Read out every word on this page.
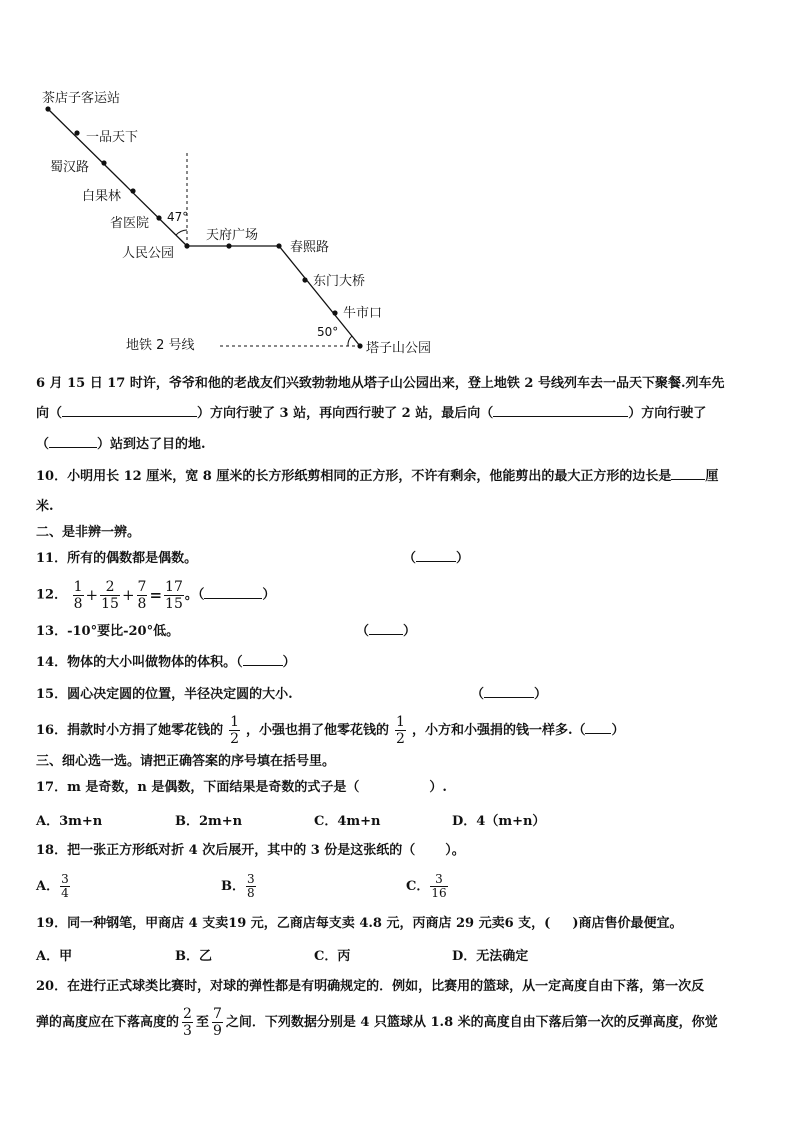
茶店子客运站
一品天下
蜀汉路
白果林
省医院 47°
人民公园
天府广场
春熙路
东门大桥
牛市口
50°
地铁 2 号线	塔子山公园
6 月 15 日 17 时许，爷爷和他的老战友们兴致勃勃地从塔子山公园出来，登上地铁 2 号线列车去一品天下聚餐.列车先
向（	）方向行驶了 3 站，再向西行驶了 2 站，最后向（	）方向行驶了
（	）站到达了目的地.
10．小明用长 12 厘米，宽 8 厘米的长方形纸剪相同的正方形，不许有剩余，他能剪出的最大正方形的边长是	厘
米.
二、是非辨一辨。
11．所有的偶数都是偶数。	（	）
12． $\frac{1}{8} + \frac{2}{15} + \frac{7}{8} = \frac{17}{15}$ 。（	）
13．-10°要比-20°低。	（	）
14．物体的大小叫做物体的体积。（	）
15．圆心决定圆的位置，半径决定圆的大小.	（	）
16．捐款时小方捐了她零花钱的 $\frac{1}{2}$ ，小强也捐了他零花钱的 $\frac{1}{2}$ ，小方和小强捐的钱一样多.（ ）
三、细心选一选。请把正确答案的序号填在括号里。
17．m 是奇数，n 是偶数，下面结果是奇数的式子是（	）.
A．3m+n	B．2m+n	C．4m+n	D．4（m+n）
18．把一张正方形纸对折 4 次后展开，其中的 3 份是这张纸的（ ）。
A． $\frac{3}{4}$	B． $\frac{3}{8}$	C． $\frac{3}{16}$
19．同一种钢笔，甲商店 4 支卖19 元，乙商店每支卖 4.8 元，丙商店 29 元卖6 支，( )商店售价最便宜。
A．甲	B．乙	C．丙	D．无法确定
20．在进行正式球类比赛时，对球的弹性都是有明确规定的．例如，比赛用的篮球，从一定高度自由下落，第一次反
弹的高度应在下落高度的 $\frac{2}{3}$ 至 $\frac{7}{9}$ 之间．下列数据分别是 4 只篮球从 1.8 米的高度自由下落后第一次的反弹高度，你觉
